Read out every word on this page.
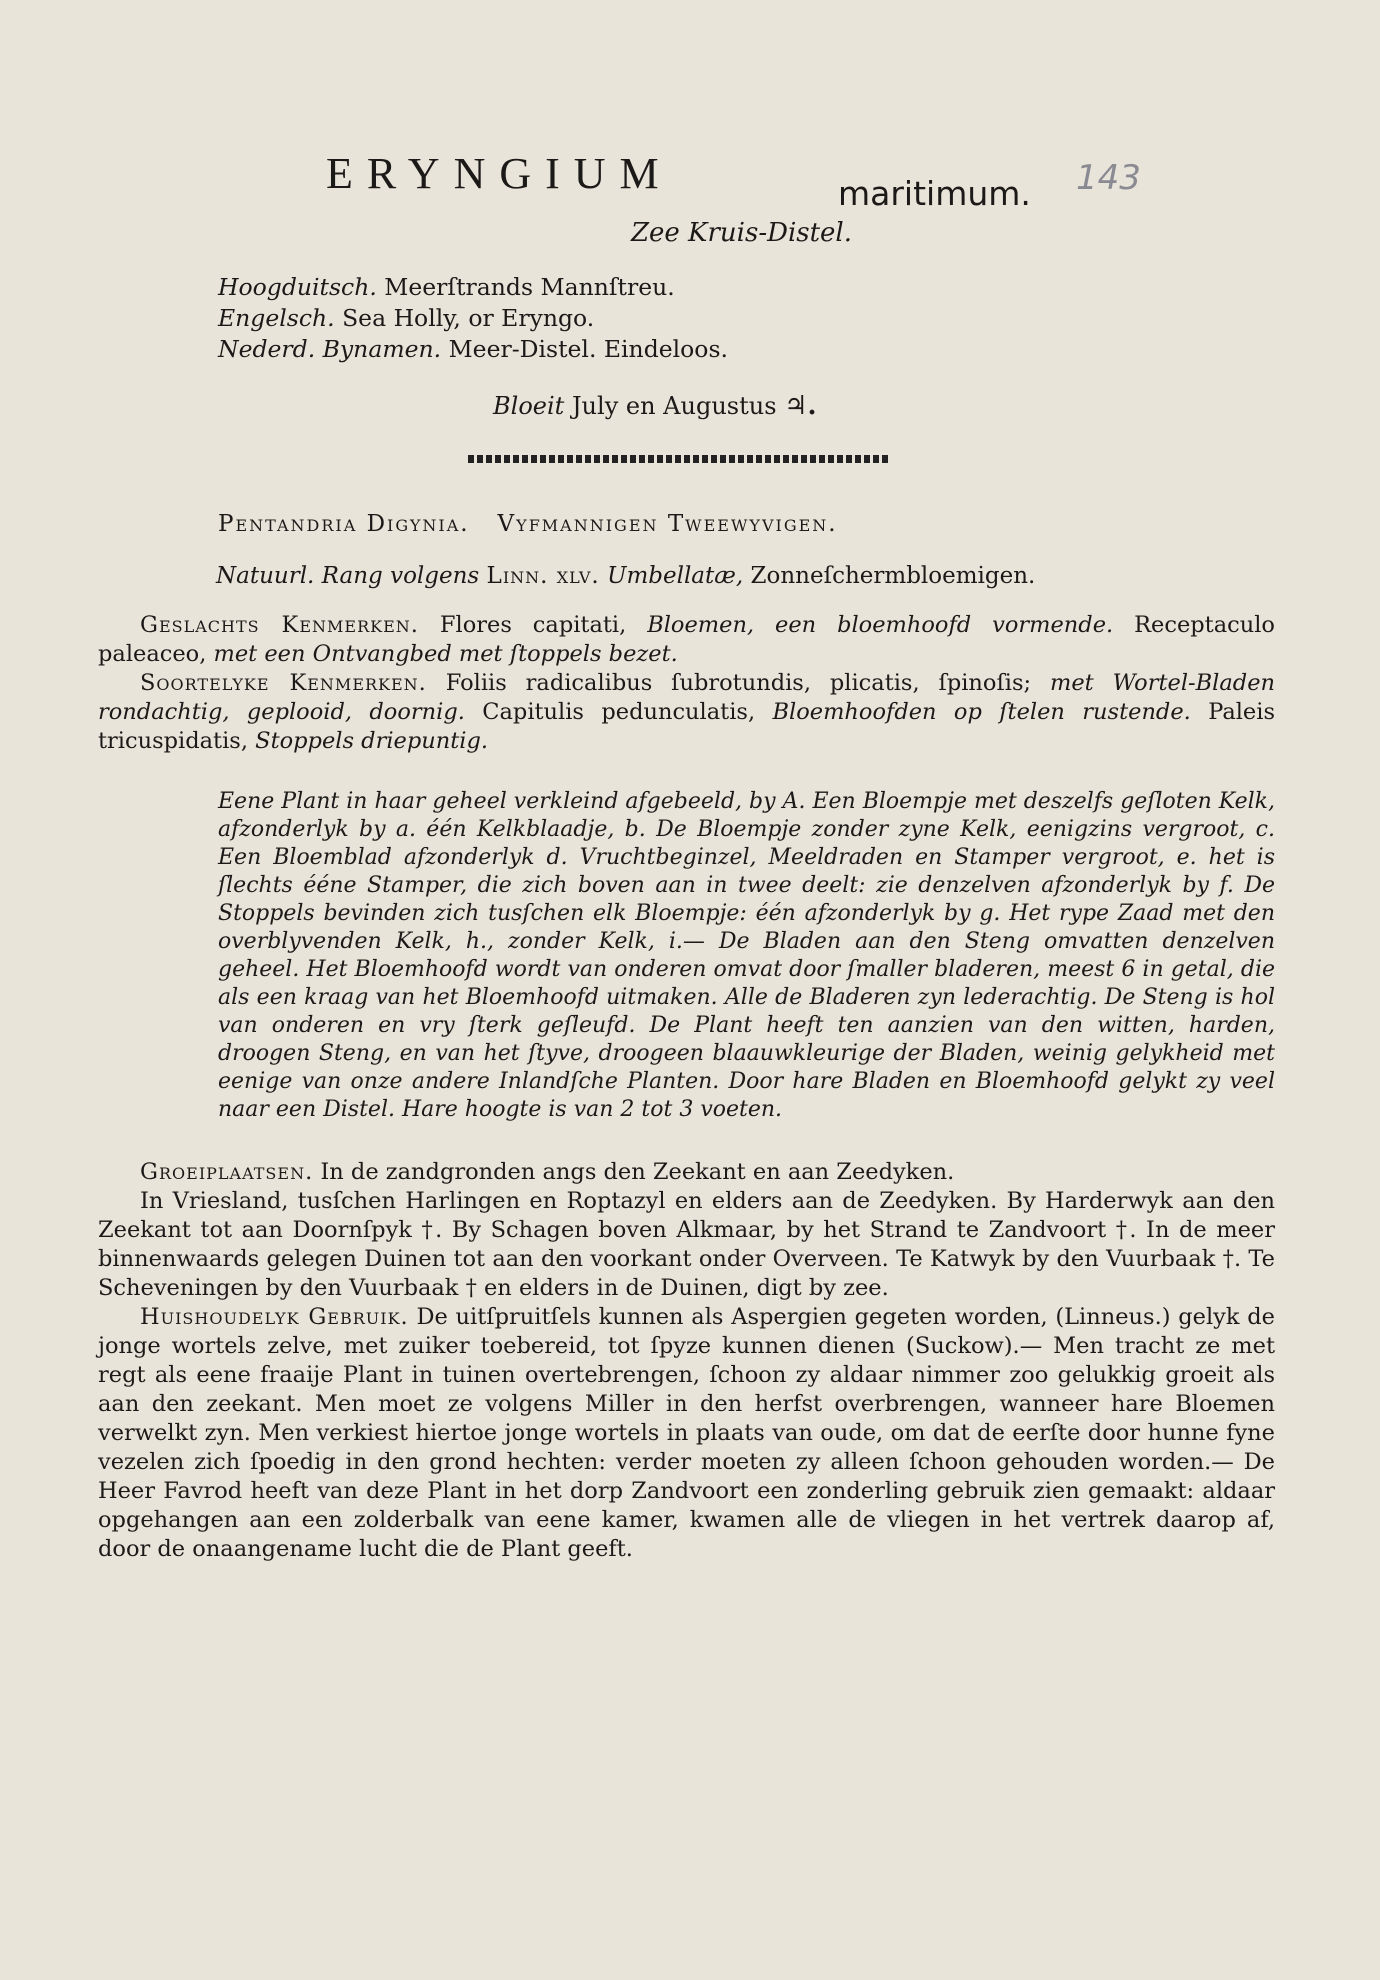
ERYNGIUM	maritimum. 143
Zee Kruis-Distel.
Hoogduitsch. Meerſtrands Mannſtreu.
Engelsch. Sea Holly, or Eryngo.
Nederd. Bynamen. Meer-Distel. Eindeloos.
Bloeit July en Augustus ♃.
Pentandria Digynia. Vyfmannigen Tweewyvigen.
Natuurl. Rang volgens Linn. xlv. Umbellatæ, Zonneſchermbloemigen.

Geslachts Kenmerken. Flores capitati, Bloemen, een bloemhoofd vormende. Receptaculo paleaceo, met een Ontvangbed met ſtoppels bezet.

Soortelyke Kenmerken. Foliis radicalibus ſubrotundis, plicatis, ſpinoſis; met Wortel-Bladen rondachtig, geplooid, doornig. Capitulis pedunculatis, Bloemhoofden op ſtelen rustende. Paleis tricuspidatis, Stoppels driepuntig.

Eene Plant in haar geheel verkleind afgebeeld, by A. Een Bloempje met deszelfs geſloten Kelk, afzonderlyk by a. één Kelkblaadje, b. De Bloempje zonder zyne Kelk, eenigzins vergroot, c. Een Bloemblad afzonderlyk d. Vruchtbeginzel, Meeldraden en Stamper vergroot, e. het is ſlechts ééne Stamper, die zich boven aan in twee deelt: zie denzelven afzonderlyk by f. De Stoppels bevinden zich tusſchen elk Bloempje: één afzonderlyk by g. Het rype Zaad met den overblyvenden Kelk, h., zonder Kelk, i.— De Bladen aan den Steng omvatten denzelven geheel. Het Bloemhoofd wordt van onderen omvat door ſmaller bladeren, meest 6 in getal, die als een kraag van het Bloemhoofd uitmaken. Alle de Bladeren zyn lederachtig. De Steng is hol van onderen en vry ſterk geſleufd. De Plant heeft ten aanzien van den witten, harden, droogen Steng, en van het ſtyve, droogeen blaauwkleurige der Bladen, weinig gelykheid met eenige van onze andere Inlandſche Planten. Door hare Bladen en Bloemhoofd gelykt zy veel naar een Distel. Hare hoogte is van 2 tot 3 voeten.

Groeiplaatsen. In de zandgronden angs den Zeekant en aan Zeedyken.

In Vriesland, tusſchen Harlingen en Roptazyl en elders aan de Zeedyken. By Harderwyk aan den Zeekant tot aan Doornſpyk †. By Schagen boven Alkmaar, by het Strand te Zandvoort †. In de meer binnenwaards gelegen Duinen tot aan den voorkant onder Overveen. Te Katwyk by den Vuurbaak †. Te Scheveningen by den Vuurbaak † en elders in de Duinen, digt by zee.

Huishoudelyk Gebruik. De uitſpruitſels kunnen als Aspergien gegeten worden, (Linneus.) gelyk de jonge wortels zelve, met zuiker toebereid, tot ſpyze kunnen dienen (Suckow).— Men tracht ze met regt als eene fraaije Plant in tuinen overtebrengen, ſchoon zy aldaar nimmer zoo gelukkig groeit als aan den zeekant. Men moet ze volgens Miller in den herfst overbrengen, wanneer hare Bloemen verwelkt zyn. Men verkiest hiertoe jonge wortels in plaats van oude, om dat de eerſte door hunne fyne vezelen zich ſpoedig in den grond hechten: verder moeten zy alleen ſchoon gehouden worden.— De Heer Favrod heeft van deze Plant in het dorp Zandvoort een zonderling gebruik zien gemaakt: aldaar opgehangen aan een zolderbalk van eene kamer, kwamen alle de vliegen in het vertrek daarop af, door de onaangename lucht die de Plant geeft.
